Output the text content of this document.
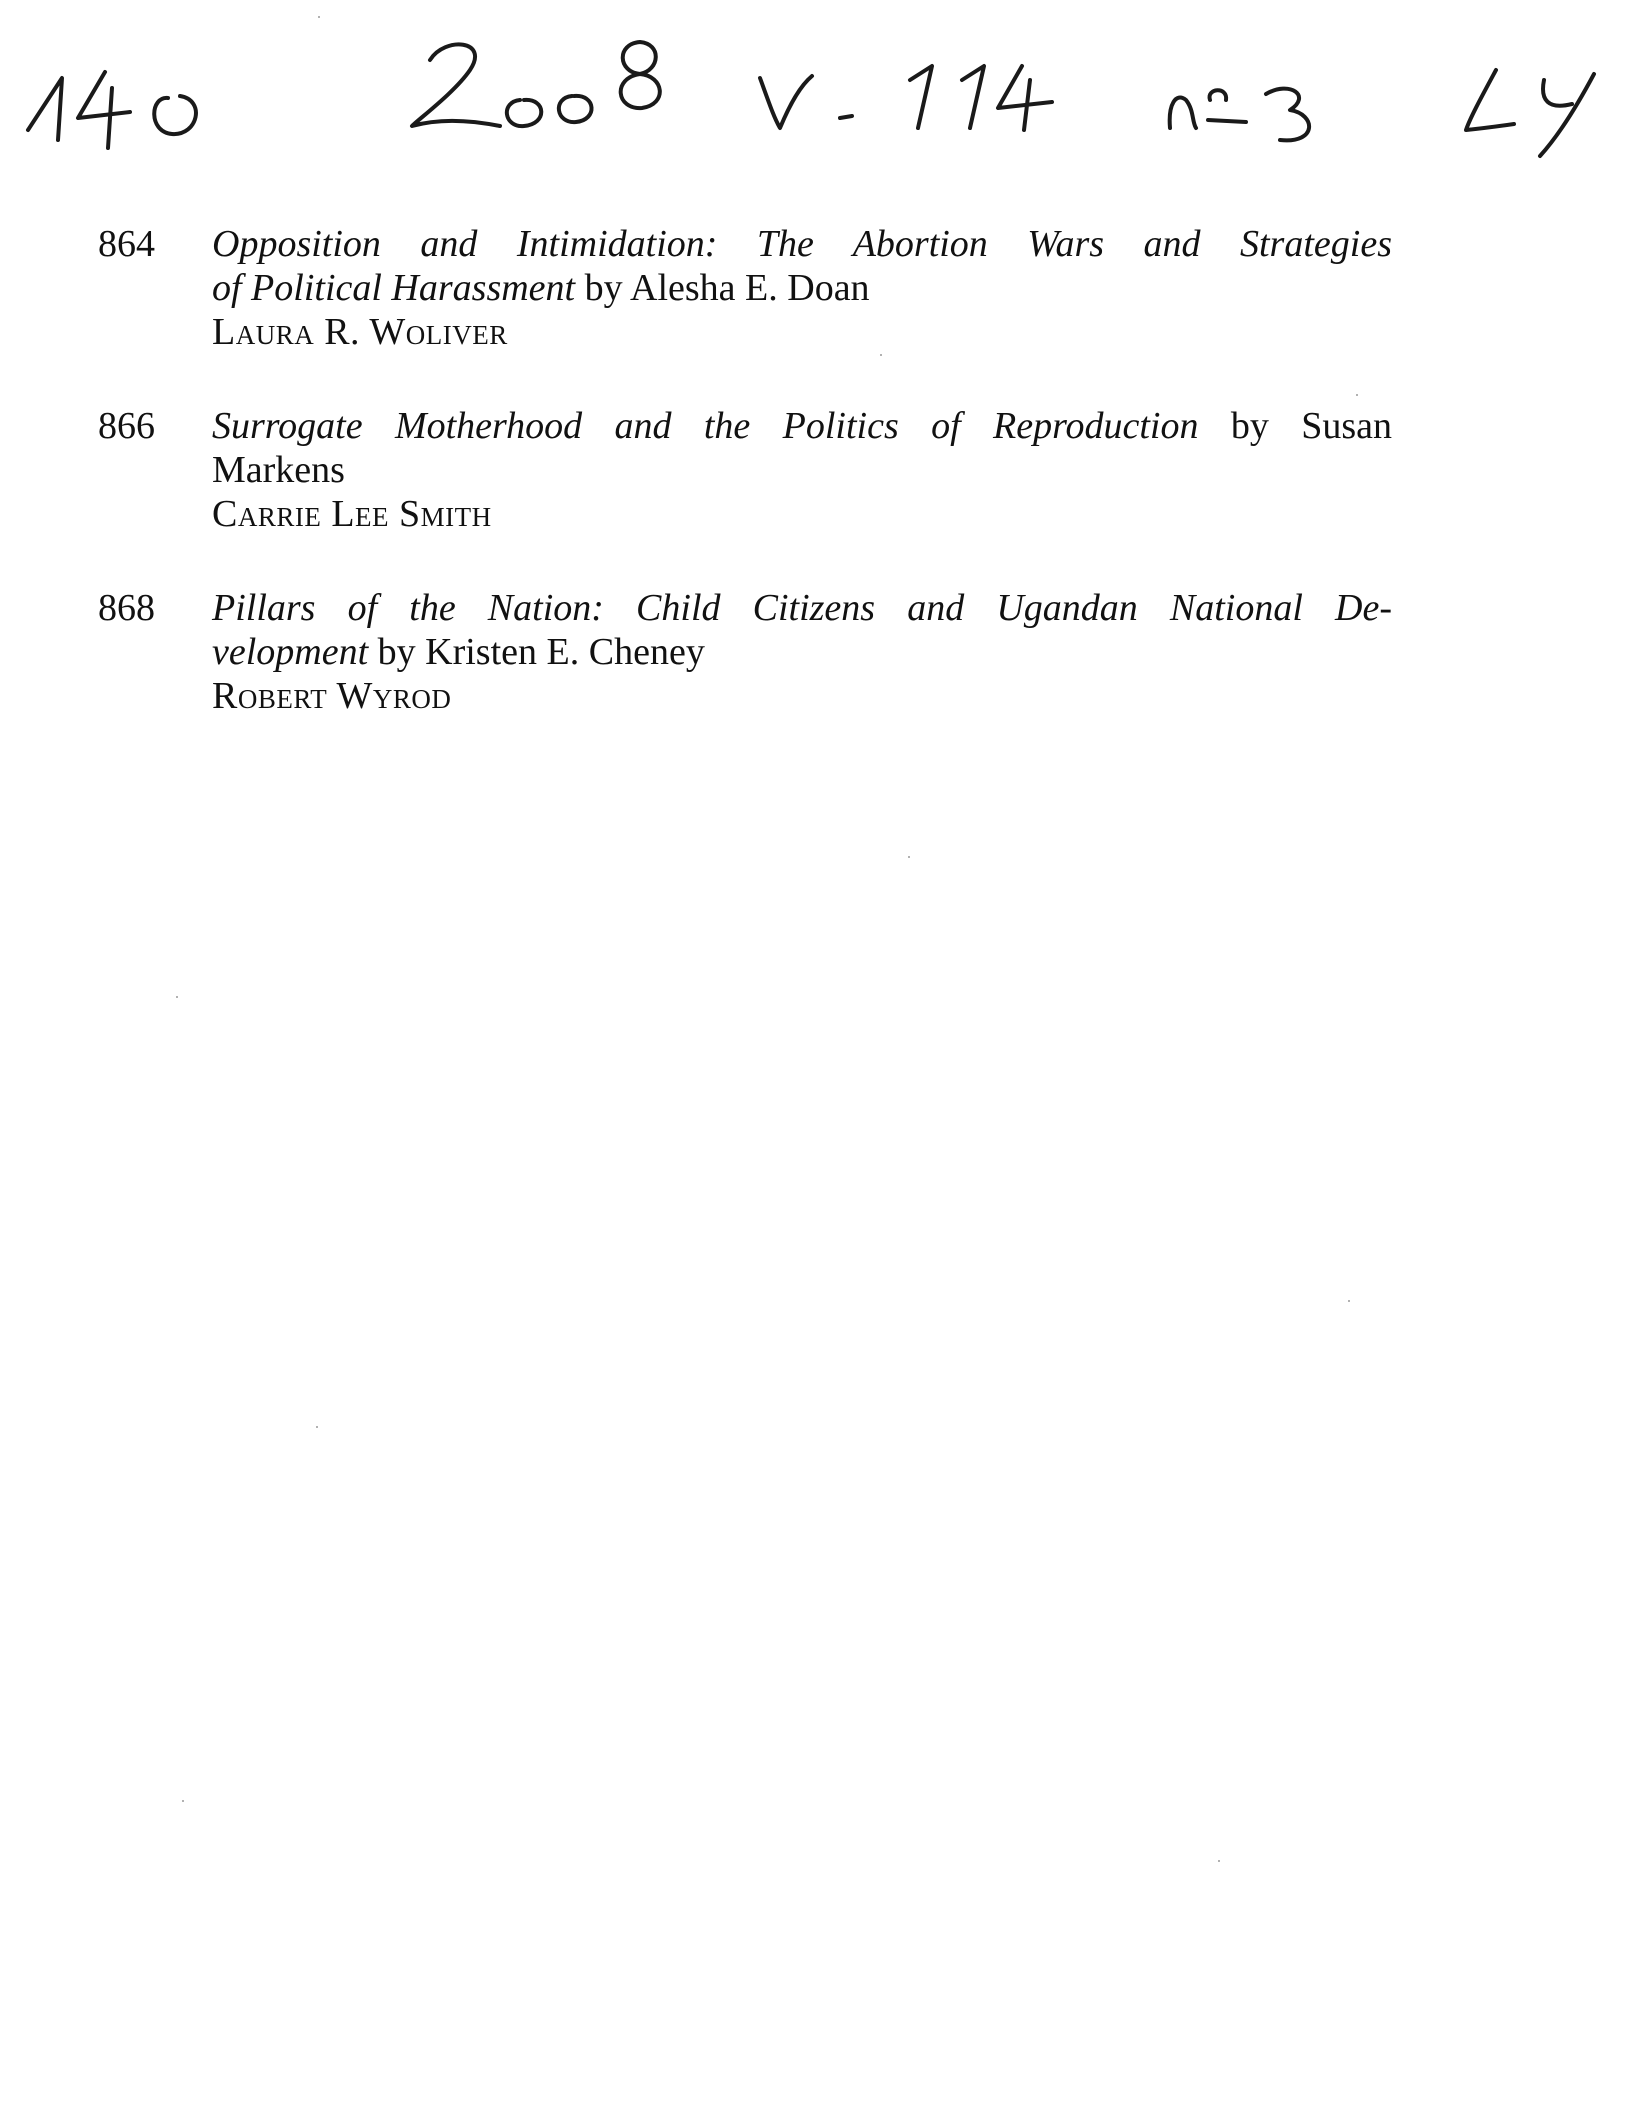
864 Opposition and Intimidation: The Abortion Wars and Strategies
of Political Harassment by Alesha E. Doan
Laura R. Woliver
866 Surrogate Motherhood and the Politics of Reproduction by Susan
Markens
Carrie Lee Smith
868 Pillars of the Nation: Child Citizens and Ugandan National De-
velopment by Kristen E. Cheney
Robert Wyrod
